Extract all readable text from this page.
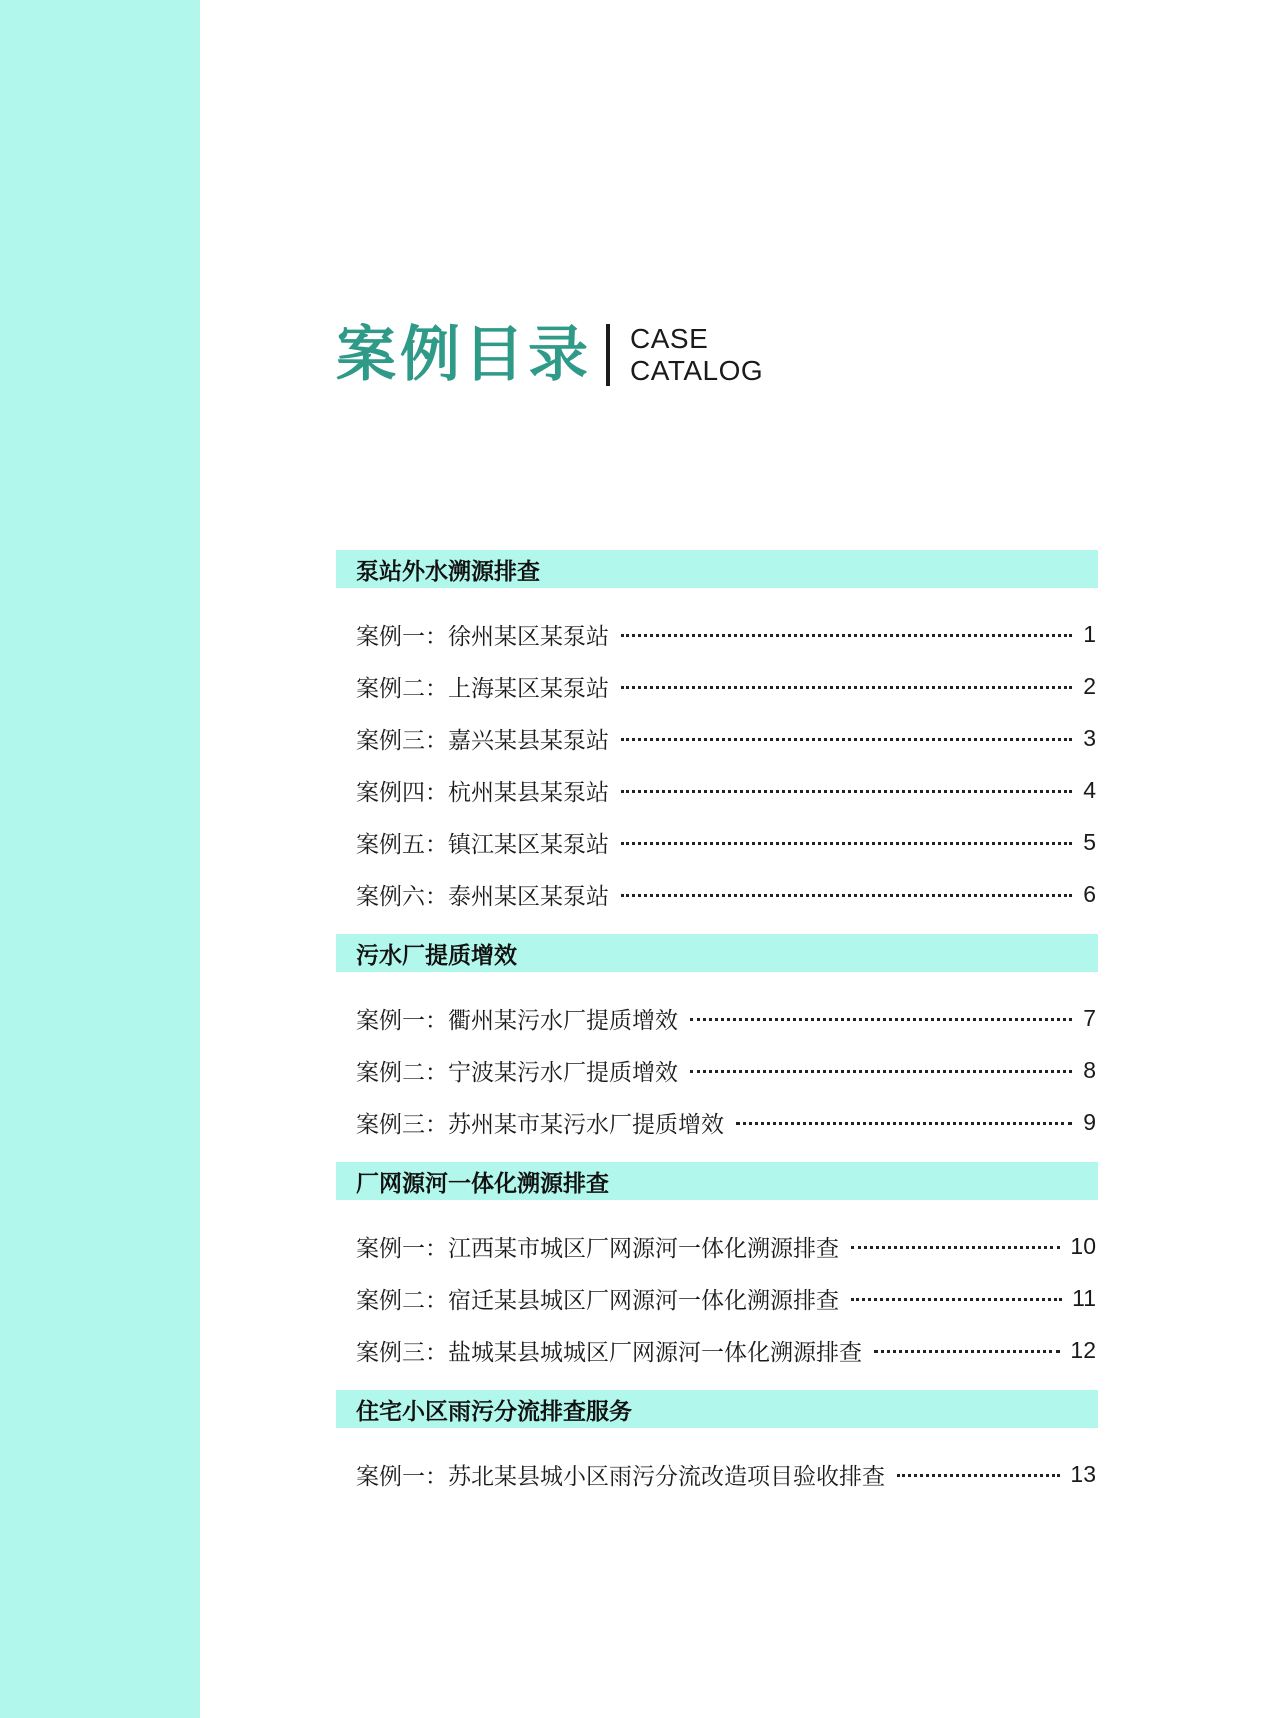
案例目录 CASE
CATALOG
泵站外水溯源排查
案例一：徐州某区某泵站	1
案例二：上海某区某泵站	2
案例三：嘉兴某县某泵站	3
案例四：杭州某县某泵站	4
案例五：镇江某区某泵站	5
案例六：泰州某区某泵站	6
污水厂提质增效
案例一：衢州某污水厂提质增效	7
案例二：宁波某污水厂提质增效	8
案例三：苏州某市某污水厂提质增效	9
厂网源河一体化溯源排查
案例一：江西某市城区厂网源河一体化溯源排查	10
案例二：宿迁某县城区厂网源河一体化溯源排查	11
案例三：盐城某县城城区厂网源河一体化溯源排查	12
住宅小区雨污分流排查服务
案例一：苏北某县城小区雨污分流改造项目验收排查	13
